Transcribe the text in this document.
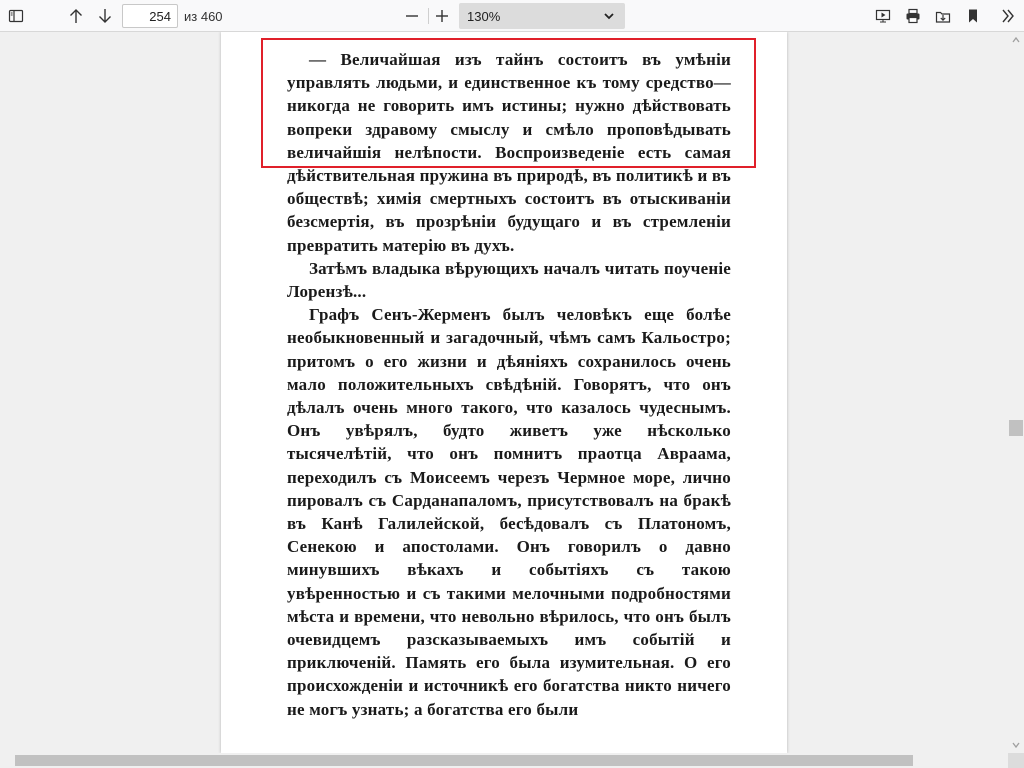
254
из 460	130%

— Величайшая изъ тайнъ состоитъ въ умѣнiи управлять людьми, и единственное къ тому средство—никогда не говорить имъ истины; нужно дѣйствовать вопреки здравому смыслу и смѣло проповѣдывать величайшiя нелѣпости. Воспроизведенiе есть самая дѣйствительная пружина въ природѣ, въ политикѣ и въ обществѣ; химiя смертныхъ состоитъ въ отыскиванiи безсмертiя, въ прозрѣнiи будущаго и въ стремленiи превратить матерiю въ духъ.

Затѣмъ владыка вѣрующихъ началъ читать поученiе Лорензѣ...

Графъ Сенъ-Жерменъ былъ человѣкъ еще болѣе необыкновенный и загадочный, чѣмъ самъ Кальостро; притомъ о его жизни и дѣянiяхъ сохранилось очень мало положительныхъ свѣдѣнiй. Говорятъ, что онъ дѣлалъ очень много такого, что казалось чудеснымъ. Онъ увѣрялъ, будто живетъ уже нѣсколько тысячелѣтiй, что онъ помнитъ праотца Авраама, переходилъ съ Моисеемъ черезъ Чермное море, лично пировалъ съ Сарданапаломъ, присутствовалъ на бракѣ въ Канѣ Галилейской, бесѣдовалъ съ Платономъ, Сенекою и апостолами. Онъ говорилъ о давно минувшихъ вѣкахъ и событiяхъ съ такою увѣренностью и съ такими мелочными подробностями мѣста и времени, что невольно вѣрилось, что онъ былъ очевидцемъ разсказываемыхъ имъ событiй и приключенiй. Память его была изумительная. О его происхожденiи и источникѣ его богатства никто ничего не могъ узнать; а богатства его были
